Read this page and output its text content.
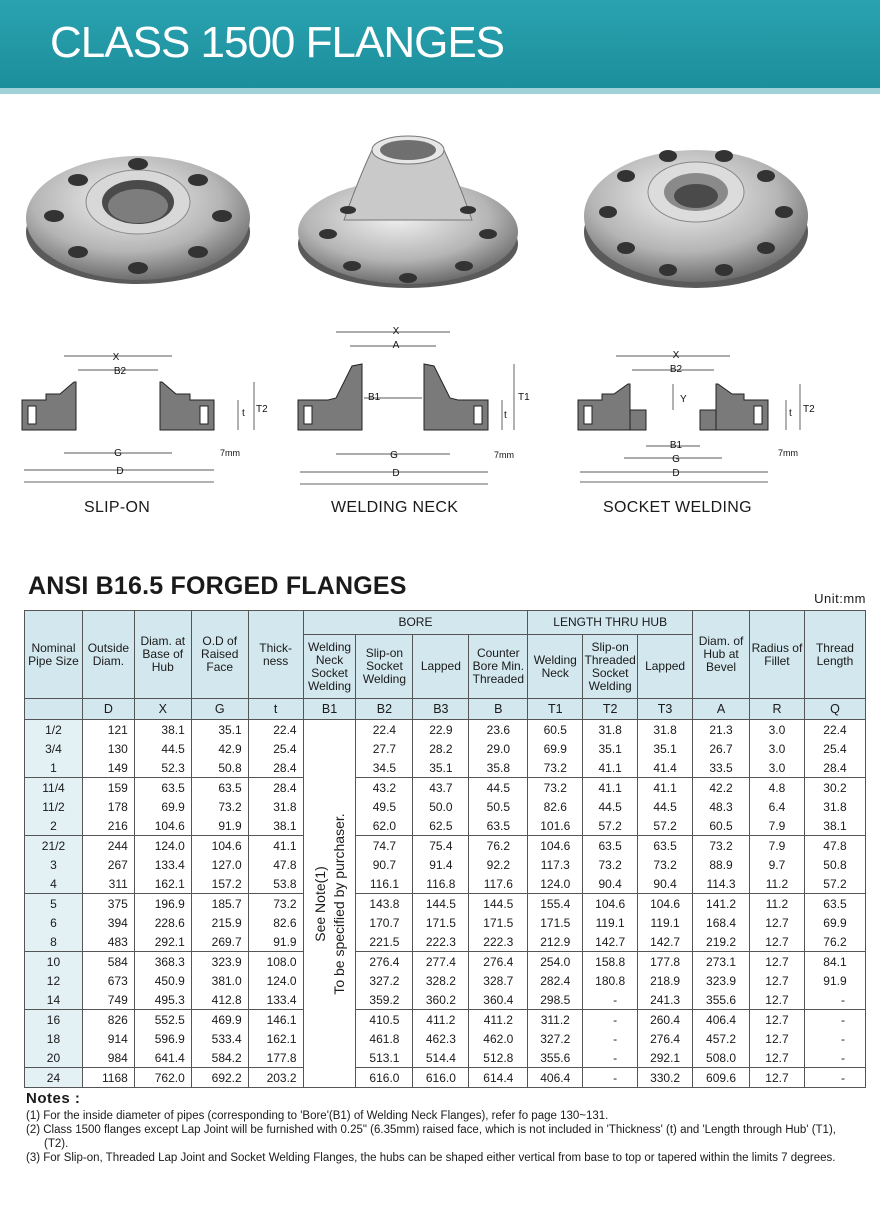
CLASS 1500 FLANGES
X
B2
G
D
t T2
7mm
X
A
B1
G
D
T1
t
7mm
X
B2
Y
B1
G
D
t T2
7mm
SLIP-ON	WELDING NECK	SOCKET WELDING
ANSI B16.5 FORGED FLANGES	Unit:mm
Nominal Pipe Size	Outside Diam.	Diam. at Base of Hub	O.D of Raised Face	Thick- ness	BORE				LENGTH THRU HUB			Diam. of Hub at Bevel	Radius of Fillet	Thread Length
					Welding Neck Socket Welding	Slip-on Socket Welding	Lapped	Counter Bore Min. Threaded	Welding Neck	Slip-on Threaded Socket Welding	Lapped			
	D	X	G	t	B1	B2	B3	B	T1	T2	T3	A	R	Q
1/2	121	38.1	35.1	22.4	See Note(1) To be specified by purchaser.	22.4	22.9	23.6	60.5	31.8	31.8	21.3	3.0	22.4
3/4	130	44.5	42.9	25.4		27.7	28.2	29.0	69.9	35.1	35.1	26.7	3.0	25.4
1	149	52.3	50.8	28.4		34.5	35.1	35.8	73.2	41.1	41.4	33.5	3.0	28.4
11/4	159	63.5	63.5	28.4		43.2	43.7	44.5	73.2	41.1	41.1	42.2	4.8	30.2
11/2	178	69.9	73.2	31.8		49.5	50.0	50.5	82.6	44.5	44.5	48.3	6.4	31.8
2	216	104.6	91.9	38.1		62.0	62.5	63.5	101.6	57.2	57.2	60.5	7.9	38.1
21/2	244	124.0	104.6	41.1		74.7	75.4	76.2	104.6	63.5	63.5	73.2	7.9	47.8
3	267	133.4	127.0	47.8		90.7	91.4	92.2	117.3	73.2	73.2	88.9	9.7	50.8
4	311	162.1	157.2	53.8		116.1	116.8	117.6	124.0	90.4	90.4	114.3	11.2	57.2
5	375	196.9	185.7	73.2		143.8	144.5	144.5	155.4	104.6	104.6	141.2	11.2	63.5
6	394	228.6	215.9	82.6		170.7	171.5	171.5	171.5	119.1	119.1	168.4	12.7	69.9
8	483	292.1	269.7	91.9		221.5	222.3	222.3	212.9	142.7	142.7	219.2	12.7	76.2
10	584	368.3	323.9	108.0		276.4	277.4	276.4	254.0	158.8	177.8	273.1	12.7	84.1
12	673	450.9	381.0	124.0		327.2	328.2	328.7	282.4	180.8	218.9	323.9	12.7	91.9
14	749	495.3	412.8	133.4		359.2	360.2	360.4	298.5	-	241.3	355.6	12.7	-
16	826	552.5	469.9	146.1		410.5	411.2	411.2	311.2	-	260.4	406.4	12.7	-
18	914	596.9	533.4	162.1		461.8	462.3	462.0	327.2	-	276.4	457.2	12.7	-
20	984	641.4	584.2	177.8		513.1	514.4	512.8	355.6	-	292.1	508.0	12.7	-
24	1168	762.0	692.2	203.2		616.0	616.0	614.4	406.4	-	330.2	609.6	12.7	-
Notes :
(1) For the inside diameter of pipes (corresponding to 'Bore'(B1) of Welding Neck Flanges), refer fo page 130~131.
(2) Class 1500 flanges except Lap Joint will be furnished with 0.25" (6.35mm) raised face, which is not included in 'Thickness' (t) and 'Length through Hub' (T1), (T2).
(3) For Slip-on, Threaded Lap Joint and Socket Welding Flanges, the hubs can be shaped either vertical from base to top or tapered within the limits 7 degrees.
